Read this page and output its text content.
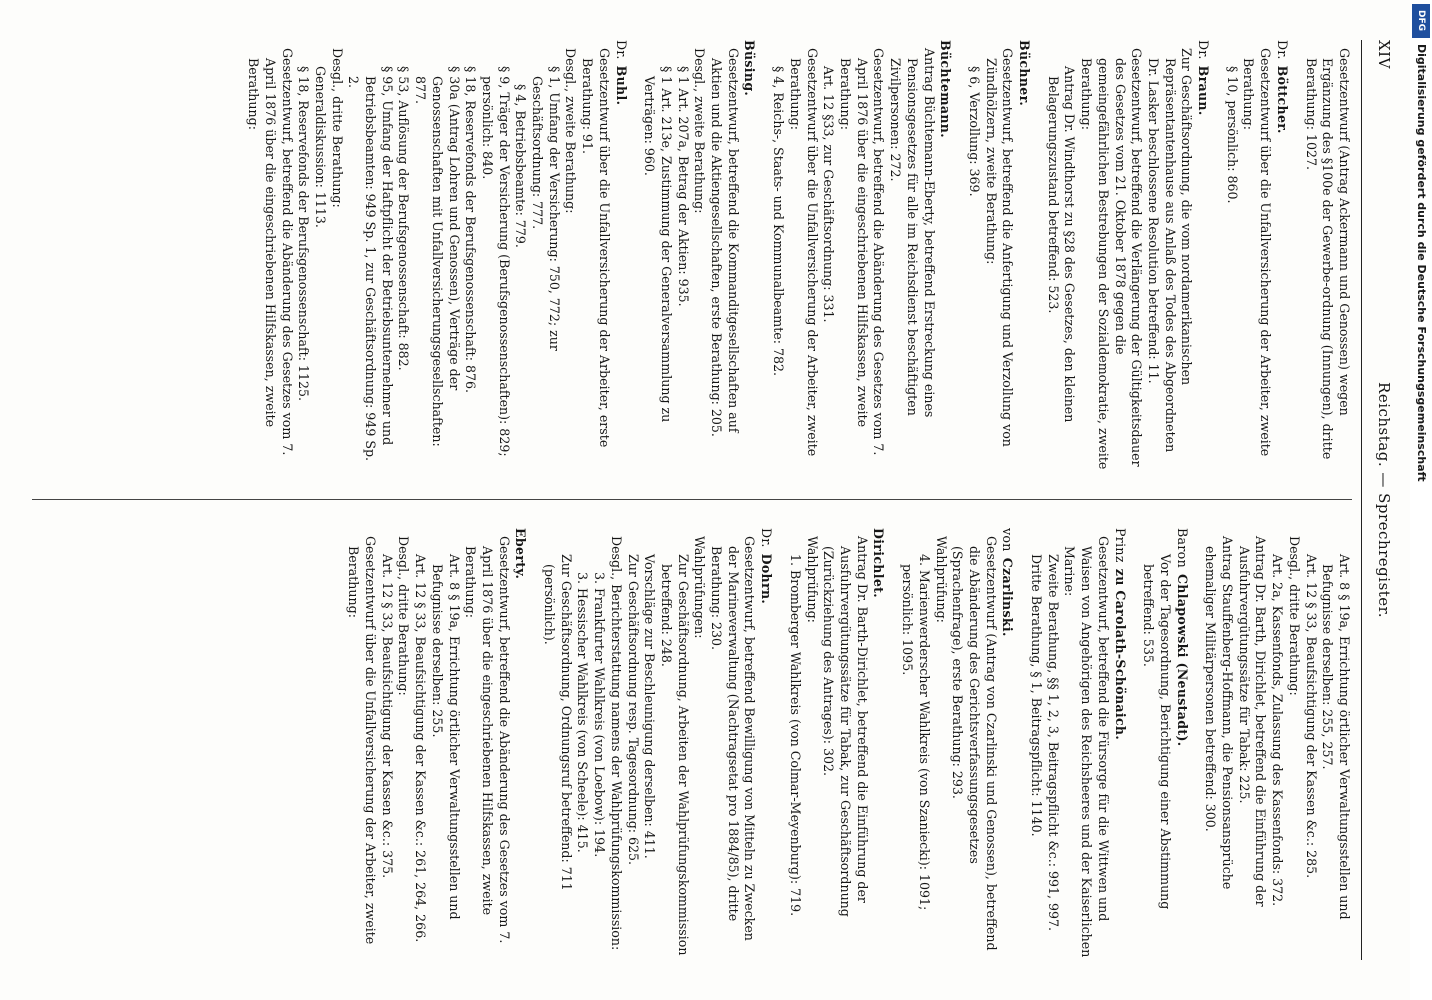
XIV
Reichstag. — Sprechregister.
Gesetzentwurf (Antrag Ackermann und Genossen) wegen Ergänzung des §100e der Gewerbe-ordnung (Innungen), dritte Berathung: 1027.
Dr.Böttcher.
Gesetzentwurf über die Unfallversicherung der Arbeiter, zweite Berathung:
§ 10, persönlich: 860.
Dr.Braun.
Zur Geschäftsordnung, die vom nordamerikanischen Repräsentantenhause aus Anlaß des Todes des Abgeordneten Dr. Lasker beschlossene Resolution betreffend: 11.
Gesetzentwurf, betreffend die Verlängerung der Gültigkeitsdauer des Gesetzes vom 21. Oktober 1878 gegen die gemeingefährlichen Bestrebungen der Sozialdemokratie, zweite Berathung:
Antrag Dr. Windthorst zu §28 des Gesetzes, den kleinen Belagerungszustand betreffend: 523.
Büchner.
Gesetzentwurf, betreffend die Anfertigung und Verzollung von Zündhölzern, zweite Berathung:
§ 6, Verzollung: 369.
Büchtemann.
Antrag Büchtemann-Eberty, betreffend Erstreckung eines Pensionsgesetzes für alle im Reichsdienst beschäftigten Zivilpersonen: 272.
Gesetzentwurf, betreffend die Abänderung des Gesetzes vom 7. April 1876 über die eingeschriebenen Hilfskassen, zweite Berathung:
Art. 12 §33, zur Geschäftsordnung: 331.
Gesetzentwurf über die Unfallversicherung der Arbeiter, zweite Berathung:
§ 4, Reichs-, Staats- und Kommunalbeamte: 782.
Büsing.
Gesetzentwurf, betreffend die Kommanditgesellschaften auf Aktien und die Aktiengesellschaften, erste Berathung: 205.
Desgl., zweite Berathung:
§ 1 Art. 207a, Betrag der Aktien: 935.
§ 1 Art. 213e, Zustimmung der Generalversammlung zu Verträgen: 960.
Dr.Buhl.
Gesetzentwurf über die Unfallversicherung der Arbeiter, erste Berathung: 91.
Desgl., zweite Berathung:
§ 1, Umfang der Versicherung: 750, 772; zur Geschäftsordnung: 777.
§ 4, Betriebsbeamte: 779.
§ 9, Träger der Versicherung (Berufsgenossenschaften): 829; persönlich: 840.
§ 18, Reservefonds der Berufsgenossenschaft: 876.
§ 30a (Antrag Lohren und Genossen), Verträge der Genossenschaften mit Unfallversicherungsgesellschaften: 877.
§ 53, Auflösung der Berufsgenossenschaft: 882.
§ 95, Umfang der Haftpflicht der Betriebsunternehmer und Betriebsbeamten: 949 Sp. 1, zur Geschäftsordnung: 949 Sp. 2.
Desgl., dritte Berathung:
Generaldiskussion: 1113.
§ 18, Reservefonds der Berufsgenossenschaft: 1125.
Gesetzentwurf, betreffend die Abänderung des Gesetzes vom 7. April 1876 über die eingeschriebenen Hilfskassen, zweite Berathung:
Art. 8 § 19a, Errichtung örtlicher Verwaltungsstellen und Befugnisse derselben: 255, 257.
Art. 12 § 33, Beaufsichtigung der Kassen &c.: 285.
Desgl., dritte Berathung:
Art. 2a, Kassenfonds, Zulassung des Kassenfonds: 372.
Antrag Dr. Barth, Dirichlet, betreffend die Einführung der Ausfuhrvergütungssätze für Tabak: 225.
Antrag Stauffenberg-Hoffmann, die Pensionsansprüche ehemaliger Militärpersonen betreffend: 300.
BaronChlapowski (Neustadt).
Vor der Tagesordnung, Berichtigung einer Abstimmung betreffend: 535.
Prinzzu Carolath-Schönaich.
Gesetzentwurf, betreffend die Fürsorge für die Wittwen und Waisen von Angehörigen des Reichsheeres und der Kaiserlichen Marine:
Zweite Berathung, §§ 1, 2, 3, Beitragspflicht &c.: 991, 997.
Dritte Berathung, § 1, Beitragspflicht: 1140.
vonCzarlinski.
Gesetzentwurf (Antrag von Czarlinski und Genossen), betreffend die Abänderung des Gerichtsverfassungsgesetzes (Sprachenfrage), erste Berathung: 293.
Wahlprüfung:
4. Marienwerderscher Wahlkreis (von Szaniecki): 1091; persönlich: 1095.
Dirichlet.
Antrag Dr. Barth-Dirichlet, betreffend die Einführung der Ausfuhrvergütungssätze für Tabak, zur Geschäftsordnung (Zurückziehung des Antrages): 302.
Wahlprüfung:
1. Bromberger Wahlkreis (von Colmar-Meyenburg): 719.
Dr.Dohrn.
Gesetzentwurf, betreffend Bewilligung von Mitteln zu Zwecken der Marineverwaltung (Nachtragsetat pro 1884/85), dritte Berathung: 230.
Wahlprüfungen:
Zur Geschäftsordnung, Arbeiten der Wahlprüfungskommission betreffend: 248.
Vorschläge zur Beschleunigung derselben: 411.
Zur Geschäftsordnung resp. Tagesordnung: 625.
Desgl., Berichterstattung namens der Wahlprüfungskommission:
3. Frankfurter Wahlkreis (von Loebow): 194.
3. Hessischer Wahlkreis (von Scheele): 415.
Zur Geschäftsordnung, Ordnungsruf betreffend: 711 (persönlich).
Eberty.
Gesetzentwurf, betreffend die Abänderung des Gesetzes vom 7. April 1876 über die eingeschriebenen Hilfskassen, zweite Berathung:
Art. 8 § 19a, Errichtung örtlicher Verwaltungsstellen und Befugnisse derselben: 255.
Art. 12 § 33, Beaufsichtigung der Kassen &c.: 261, 264, 266.
Desgl., dritte Berathung:
Art. 12 § 33, Beaufsichtigung der Kassen &c.: 375.
Gesetzentwurf über die Unfallversicherung der Arbeiter, zweite Berathung:
DFG
Digitalisierung gefördert durch die Deutsche Forschungsgemeinschaft
